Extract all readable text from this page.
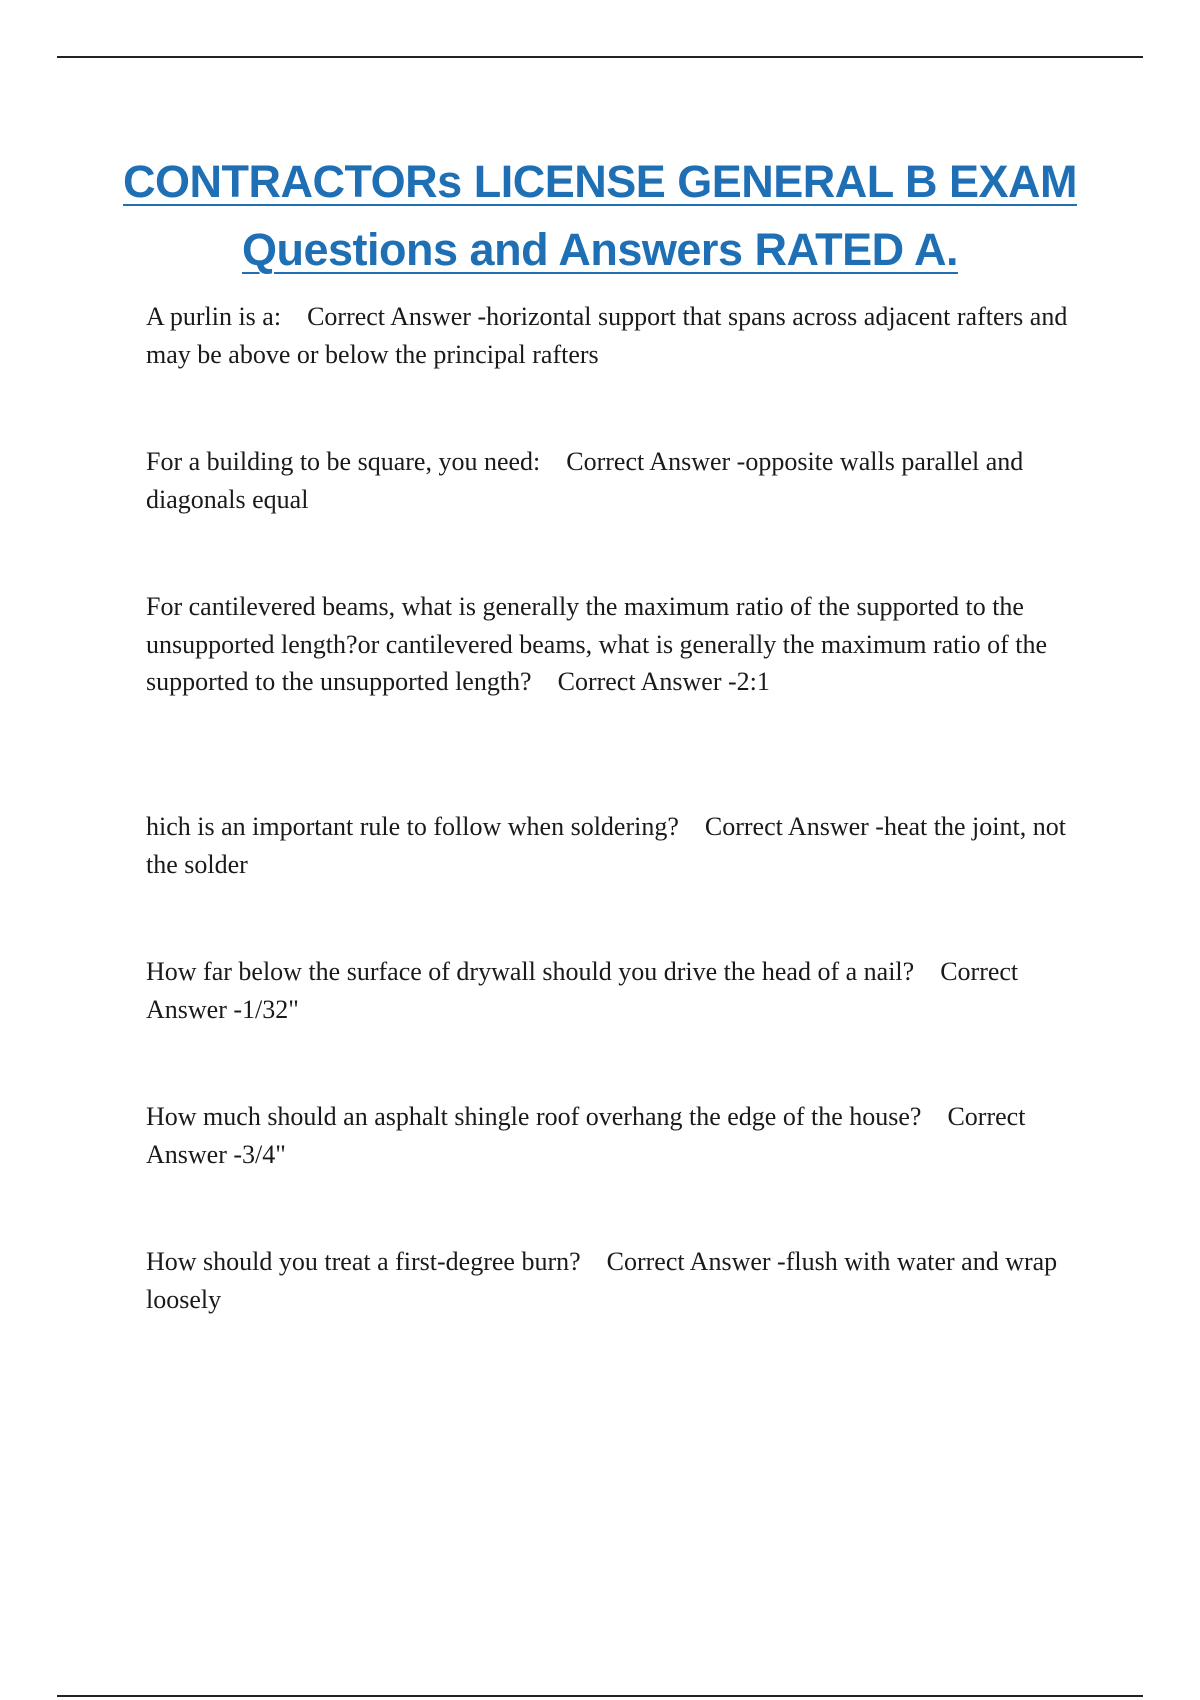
CONTRACTORs LICENSE GENERAL B EXAM
Questions and Answers RATED A.

A purlin is a: Correct Answer -horizontal support that spans across adjacent rafters and may be above or below the principal rafters

For a building to be square, you need: Correct Answer -opposite walls parallel and diagonals equal

For cantilevered beams, what is generally the maximum ratio of the supported to the unsupported length?or cantilevered beams, what is generally the maximum ratio of the supported to the unsupported length? Correct Answer -2:1

hich is an important rule to follow when soldering? Correct Answer -heat the joint, not the solder

How far below the surface of drywall should you drive the head of a nail? Correct Answer -1/32"

How much should an asphalt shingle roof overhang the edge of the house? Correct Answer -3/4"

How should you treat a first-degree burn? Correct Answer -flush with water and wrap loosely
